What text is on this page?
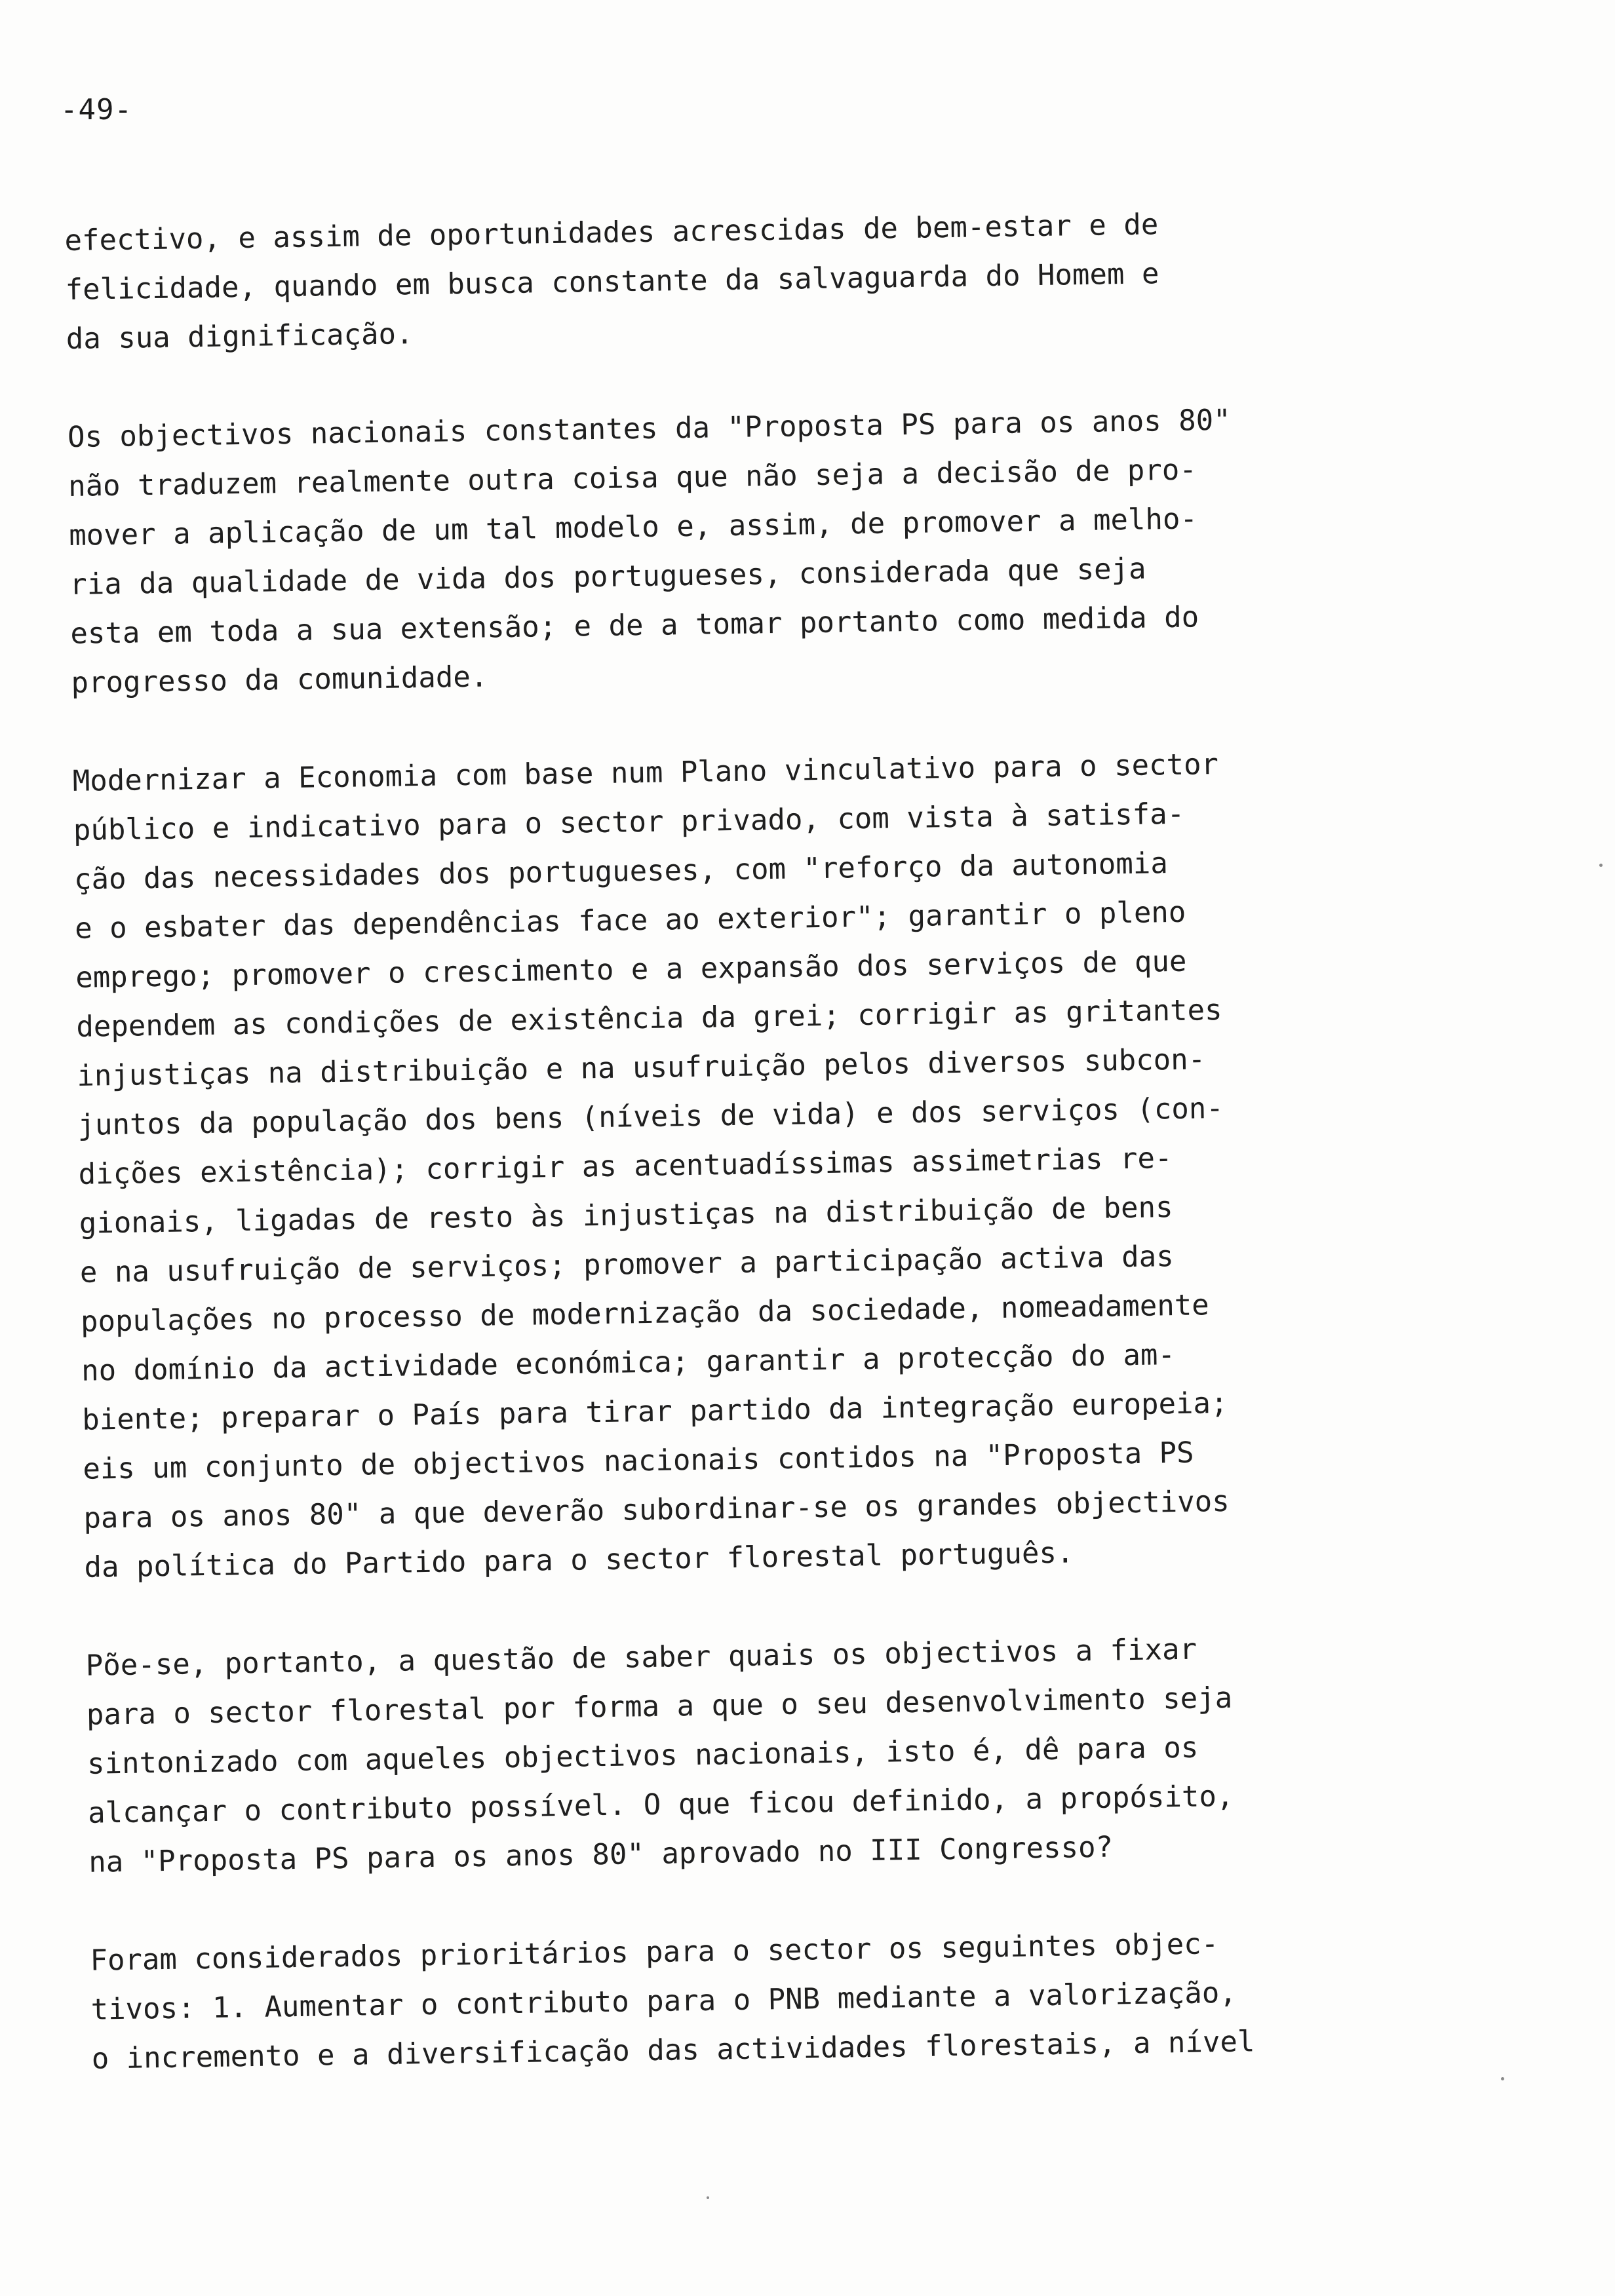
-49-
efectivo, e assim de oportunidades acrescidas de bem-estar e de
felicidade, quando em busca constante da salvaguarda do Homem e
da sua dignificação.
Os objectivos nacionais constantes da "Proposta PS para os anos 80"
não traduzem realmente outra coisa que não seja a decisão de pro-
mover a aplicação de um tal modelo e, assim, de promover a melho-
ria da qualidade de vida dos portugueses, considerada que seja
esta em toda a sua extensão; e de a tomar portanto como medida do
progresso da comunidade.
Modernizar a Economia com base num Plano vinculativo para o sector
público e indicativo para o sector privado, com vista à satisfa-
ção das necessidades dos portugueses, com "reforço da autonomia
e o esbater das dependências face ao exterior"; garantir o pleno
emprego; promover o crescimento e a expansão dos serviços de que
dependem as condições de existência da grei; corrigir as gritantes
injustiças na distribuição e na usufruição pelos diversos subcon-
juntos da população dos bens (níveis de vida) e dos serviços (con-
dições existência); corrigir as acentuadíssimas assimetrias re-
gionais, ligadas de resto às injustiças na distribuição de bens
e na usufruição de serviços; promover a participação activa das
populações no processo de modernização da sociedade, nomeadamente
no domínio da actividade económica; garantir a protecção do am-
biente; preparar o País para tirar partido da integração europeia;
eis um conjunto de objectivos nacionais contidos na "Proposta PS
para os anos 80" a que deverão subordinar-se os grandes objectivos
da política do Partido para o sector florestal português.
Põe-se, portanto, a questão de saber quais os objectivos a fixar
para o sector florestal por forma a que o seu desenvolvimento seja
sintonizado com aqueles objectivos nacionais, isto é, dê para os
alcançar o contributo possível. O que ficou definido, a propósito,
na "Proposta PS para os anos 80" aprovado no III Congresso?
Foram considerados prioritários para o sector os seguintes objec-
tivos: 1. Aumentar o contributo para o PNB mediante a valorização,
o incremento e a diversificação das actividades florestais, a nível
